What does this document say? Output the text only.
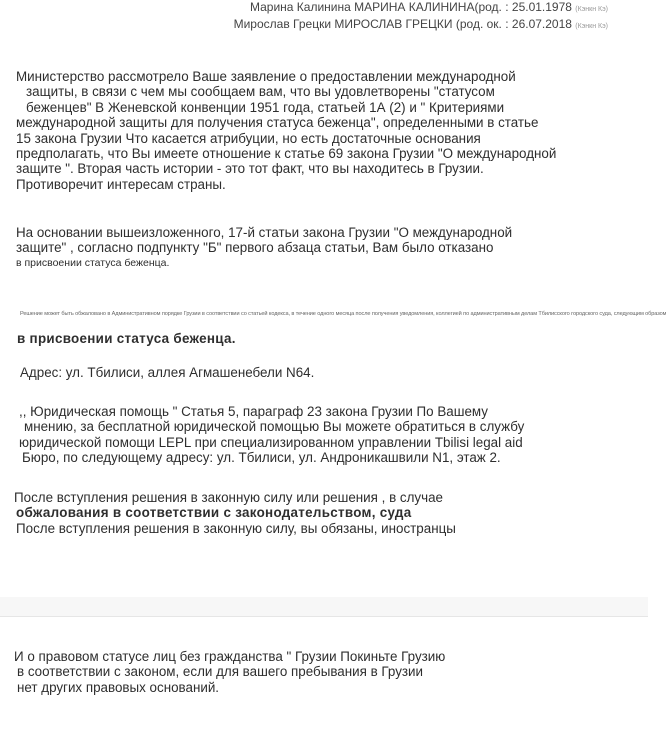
Марина Калинина МАРИНА КАЛИНИНА(род. : 25.01.1978 (Кэнкн Кэ)
Мирослав Грецки МИРОСЛАВ ГРЕЦКИ (род. ок. : 26.07.2018 (Кэнкн Кэ)
Министерство рассмотрело Ваше заявление о предоставлении международной
защиты, в связи с чем мы сообщаем вам, что вы удовлетворены "статусом
беженцев" В Женевской конвенции 1951 года, статьей 1А (2) и " Критериями
международной защиты для получения статуса беженца", определенными в статье
15 закона Грузии Что касается атрибуции, но есть достаточные основания
предполагать, что Вы имеете отношение к статье 69 закона Грузии "О международной
защите ". Вторая часть истории - это тот факт, что вы находитесь в Грузии.
Противоречит интересам страны.
На основании вышеизложенного, 17-й статьи закона Грузии "О международной
защите" , согласно подпункту "Б" первого абзаца статьи, Вам было отказано
в присвоении статуса беженца.
Решение может быть обжаловано в Административном порядке Грузии в соответствии со статьей кодекса, в течение одного месяца после получения уведомления, коллегией по административным делам Тбилисского городского суда, следующим образом
в присвоении статуса беженца.
Адрес: ул. Тбилиси, аллея Агмашенебели N64.
,, Юридическая помощь " Статья 5, параграф 23 закона Грузии По Вашему
мнению, за бесплатной юридической помощью Вы можете обратиться в службу
юридической помощи LEPL при специализированном управлении Tbilisi legal aid
Бюро, по следующему адресу: ул. Тбилиси, ул. Андроникашвили N1, этаж 2.
После вступления решения в законную силу или решения , в случае
обжалования в соответствии с законодательством, суда
После вступления решения в законную силу, вы обязаны, иностранцы
И о правовом статусе лиц без гражданства " Грузии Покиньте Грузию
в соответствии с законом, если для вашего пребывания в Грузии
нет других правовых оснований.
